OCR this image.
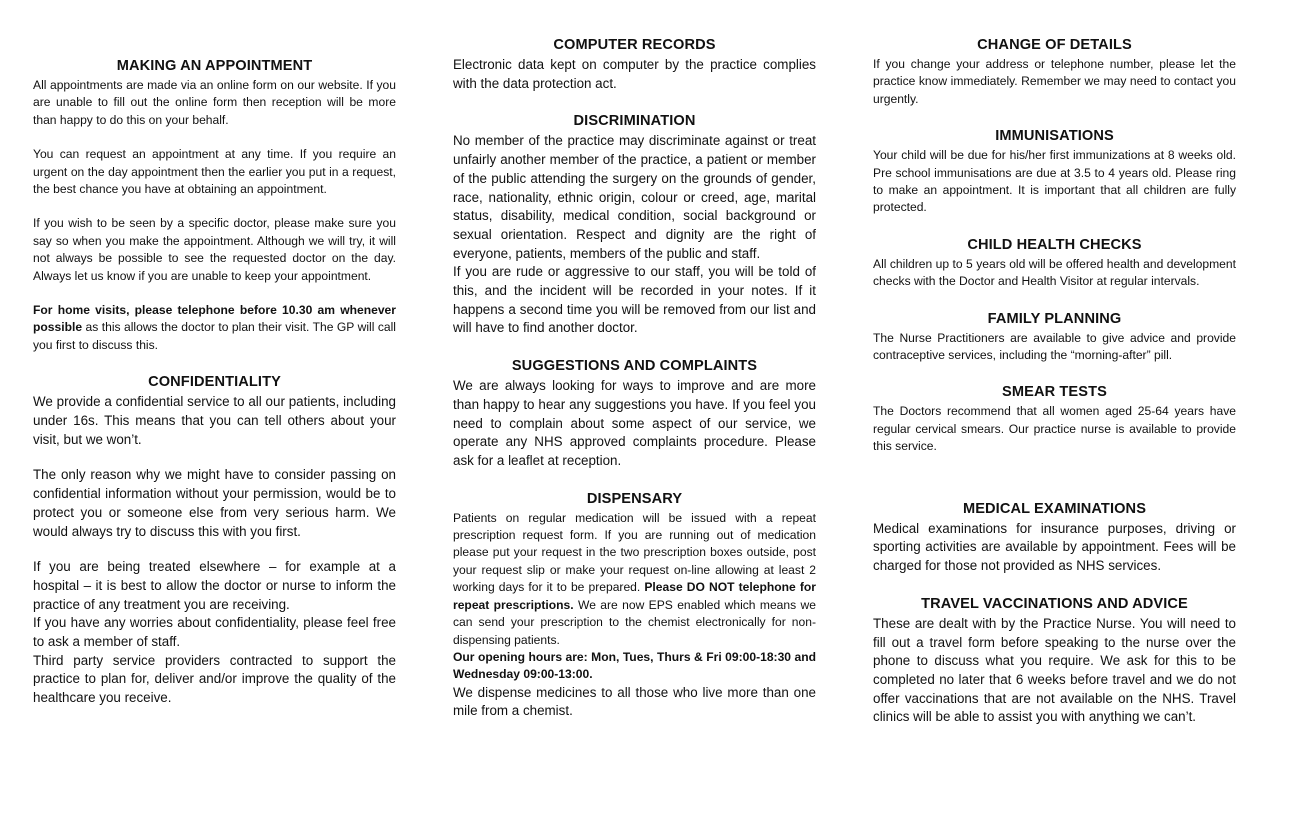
MAKING AN APPOINTMENT

All appointments are made via an online form on our website. If you are unable to fill out the online form then reception will be more than happy to do this on your behalf.

You can request an appointment at any time. If you require an urgent on the day appointment then the earlier you put in a request, the best chance you have at obtaining an appointment.

If you wish to be seen by a specific doctor, please make sure you say so when you make the appointment. Although we will try, it will not always be possible to see the requested doctor on the day. Always let us know if you are unable to keep your appointment.

For home visits, please telephone before 10.30 am whenever possible as this allows the doctor to plan their visit. The GP will call you first to discuss this.

CONFIDENTIALITY

We provide a confidential service to all our patients, including under 16s. This means that you can tell others about your visit, but we won’t.

The only reason why we might have to consider passing on confidential information without your permission, would be to protect you or someone else from very serious harm. We would always try to discuss this with you first.

If you are being treated elsewhere – for example at a hospital – it is best to allow the doctor or nurse to inform the practice of any treatment you are receiving.

If you have any worries about confidentiality, please feel free to ask a member of staff.

Third party service providers contracted to support the practice to plan for, deliver and/or improve the quality of the healthcare you receive.

COMPUTER RECORDS

Electronic data kept on computer by the practice complies with the data protection act.

DISCRIMINATION

No member of the practice may discriminate against or treat unfairly another member of the practice, a patient or member of the public attending the surgery on the grounds of gender, race, nationality, ethnic origin, colour or creed, age, marital status, disability, medical condition, social background or sexual orientation. Respect and dignity are the right of everyone, patients, members of the public and staff.

If you are rude or aggressive to our staff, you will be told of this, and the incident will be recorded in your notes. If it happens a second time you will be removed from our list and will have to find another doctor.

SUGGESTIONS AND COMPLAINTS

We are always looking for ways to improve and are more than happy to hear any suggestions you have. If you feel you need to complain about some aspect of our service, we operate any NHS approved complaints procedure. Please ask for a leaflet at reception.

DISPENSARY

Patients on regular medication will be issued with a repeat prescription request form. If you are running out of medication please put your request in the two prescription boxes outside, post your request slip or make your request on-line allowing at least 2 working days for it to be prepared. Please DO NOT telephone for repeat prescriptions. We are now EPS enabled which means we can send your prescription to the chemist electronically for non-dispensing patients.

Our opening hours are: Mon, Tues, Thurs & Fri 09:00-18:30 and Wednesday 09:00-13:00.

We dispense medicines to all those who live more than one mile from a chemist.

CHANGE OF DETAILS

If you change your address or telephone number, please let the practice know immediately. Remember we may need to contact you urgently.

IMMUNISATIONS

Your child will be due for his/her first immunizations at 8 weeks old. Pre school immunisations are due at 3.5 to 4 years old. Please ring to make an appointment. It is important that all children are fully protected.

CHILD HEALTH CHECKS

All children up to 5 years old will be offered health and development checks with the Doctor and Health Visitor at regular intervals.

FAMILY PLANNING

The Nurse Practitioners are available to give advice and provide contraceptive services, including the “morning-after” pill.

SMEAR TESTS

The Doctors recommend that all women aged 25-64 years have regular cervical smears. Our practice nurse is available to provide this service.

MEDICAL EXAMINATIONS

Medical examinations for insurance purposes, driving or sporting activities are available by appointment. Fees will be charged for those not provided as NHS services.

TRAVEL VACCINATIONS AND ADVICE

These are dealt with by the Practice Nurse. You will need to fill out a travel form before speaking to the nurse over the phone to discuss what you require. We ask for this to be completed no later that 6 weeks before travel and we do not offer vaccinations that are not available on the NHS. Travel clinics will be able to assist you with anything we can’t.
